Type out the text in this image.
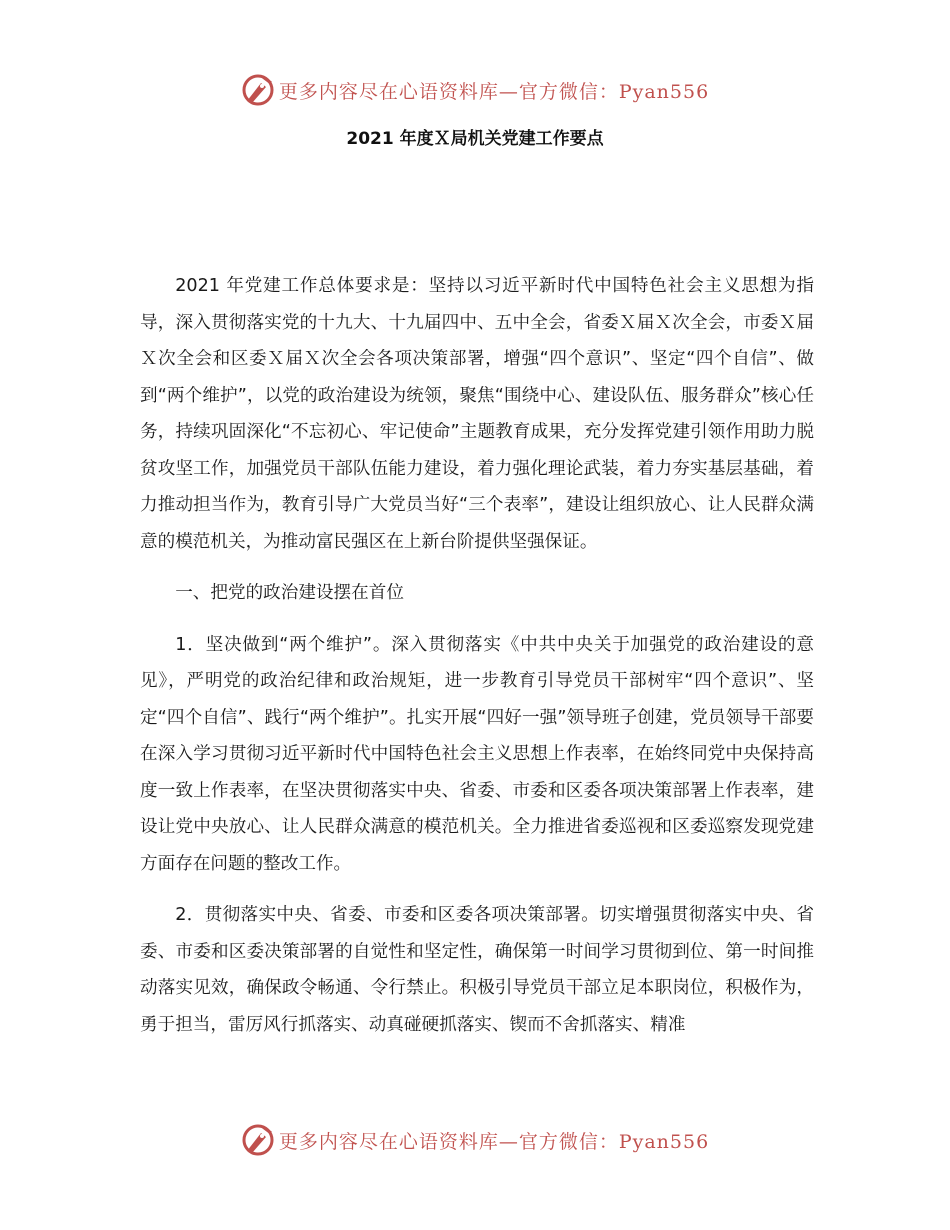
更多内容尽在心语资料库—官方微信：Pyan556
2021 年度Ｘ局机关党建工作要点

2021 年党建工作总体要求是：坚持以习近平新时代中国特色社会主义思想为指导，深入贯彻落实党的十九大、十九届四中、五中全会，省委Ｘ届Ｘ次全会，市委Ｘ届Ｘ次全会和区委Ｘ届Ｘ次全会各项决策部署，增强“四个意识”、坚定“四个自信”、做到“两个维护”，以党的政治建设为统领，聚焦“围绕中心、建设队伍、服务群众”核心任务，持续巩固深化“不忘初心、牢记使命”主题教育成果，充分发挥党建引领作用助力脱贫攻坚工作，加强党员干部队伍能力建设，着力强化理论武装，着力夯实基层基础，着力推动担当作为，教育引导广大党员当好“三个表率”，建设让组织放心、让人民群众满意的模范机关，为推动富民强区在上新台阶提供坚强保证。

一、把党的政治建设摆在首位

1．坚决做到“两个维护”。深入贯彻落实《中共中央关于加强党的政治建设的意见》，严明党的政治纪律和政治规矩，进一步教育引导党员干部树牢“四个意识”、坚定“四个自信”、践行“两个维护”。扎实开展“四好一强”领导班子创建，党员领导干部要在深入学习贯彻习近平新时代中国特色社会主义思想上作表率，在始终同党中央保持高度一致上作表率，在坚决贯彻落实中央、省委、市委和区委各项决策部署上作表率，建设让党中央放心、让人民群众满意的模范机关。全力推进省委巡视和区委巡察发现党建方面存在问题的整改工作。

2．贯彻落实中央、省委、市委和区委各项决策部署。切实增强贯彻落实中央、省委、市委和区委决策部署的自觉性和坚定性，确保第一时间学习贯彻到位、第一时间推动落实见效，确保政令畅通、令行禁止。积极引导党员干部立足本职岗位，积极作为，勇于担当，雷厉风行抓落实、动真碰硬抓落实、锲而不舍抓落实、精准

更多内容尽在心语资料库—官方微信：Pyan556
